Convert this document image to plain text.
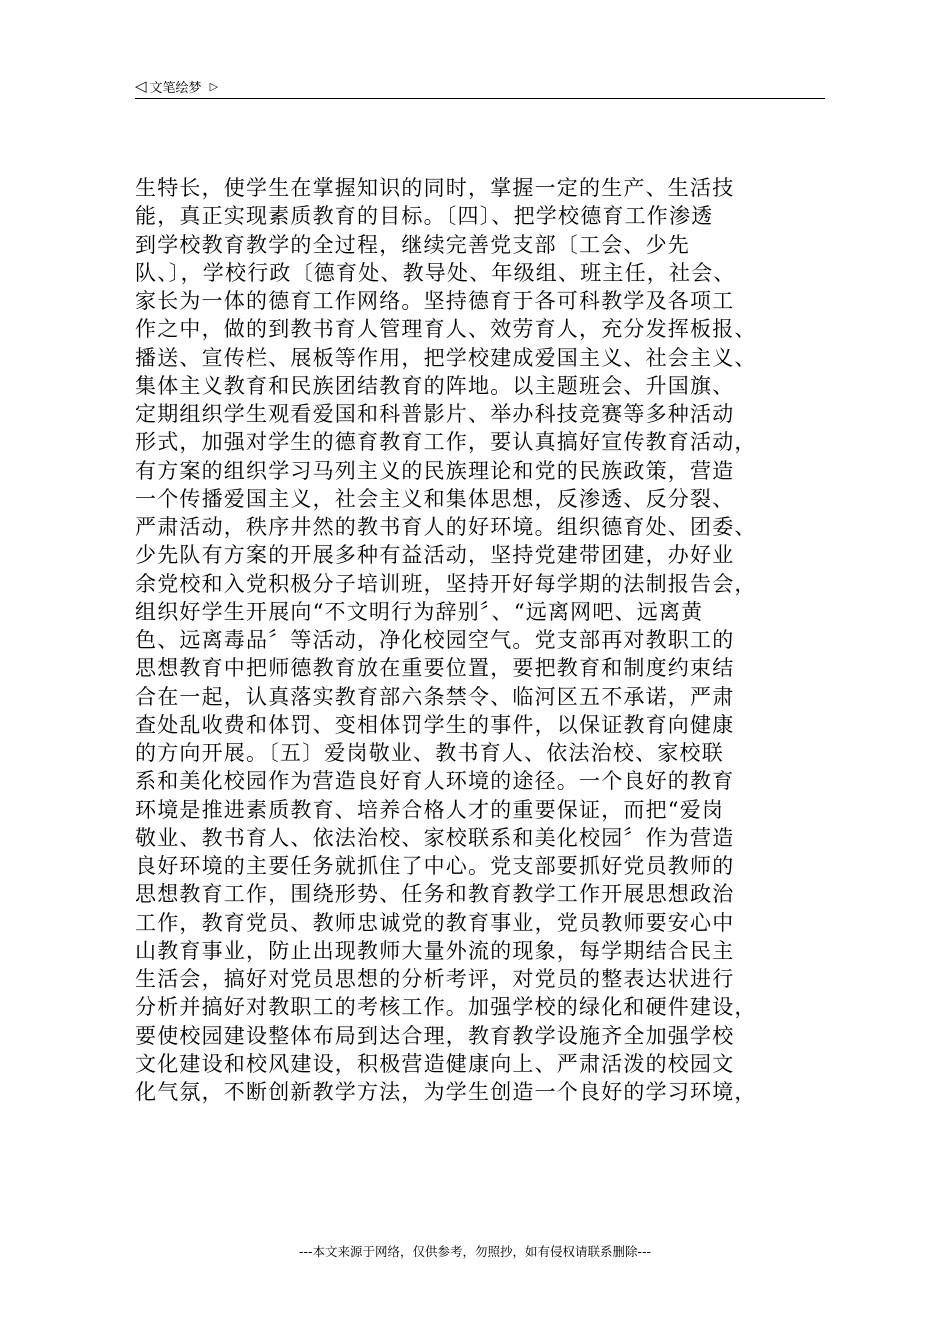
◁ 文笔绘梦 ▷
生特长，使学生在掌握知识的同时，掌握一定的生产、生活技
能，真正实现素质教育的目标。〔四〕、把学校德育工作渗透
到学校教育教学的全过程，继续完善党支部〔工会、少先
队、〕，学校行政〔德育处、教导处、年级组、班主任，社会、
家长为一体的德育工作网络。坚持德育于各可科教学及各项工
作之中，做的到教书育人管理育人、效劳育人，充分发挥板报、
播送、宣传栏、展板等作用，把学校建成爱国主义、社会主义、
集体主义教育和民族团结教育的阵地。以主题班会、升国旗、
定期组织学生观看爱国和科普影片、举办科技竞赛等多种活动
形式，加强对学生的德育教育工作，要认真搞好宣传教育活动，
有方案的组织学习马列主义的民族理论和党的民族政策，营造
一个传播爱国主义，社会主义和集体思想，反渗透、反分裂、
严肃活动，秩序井然的教书育人的好环境。组织德育处、团委、
少先队有方案的开展多种有益活动，坚持党建带团建，办好业
余党校和入党积极分子培训班，坚持开好每学期的法制报告会，
组织好学生开展向“不文明行为辞别〞、“远离网吧、远离黄
色、远离毒品〞等活动，净化校园空气。党支部再对教职工的
思想教育中把师德教育放在重要位置，要把教育和制度约束结
合在一起，认真落实教育部六条禁令、临河区五不承诺，严肃
查处乱收费和体罚、变相体罚学生的事件，以保证教育向健康
的方向开展。〔五〕爱岗敬业、教书育人、依法治校、家校联
系和美化校园作为营造良好育人环境的途径。一个良好的教育
环境是推进素质教育、培养合格人才的重要保证，而把“爱岗
敬业、教书育人、依法治校、家校联系和美化校园〞作为营造
良好环境的主要任务就抓住了中心。党支部要抓好党员教师的
思想教育工作，围绕形势、任务和教育教学工作开展思想政治
工作，教育党员、教师忠诚党的教育事业，党员教师要安心中
山教育事业，防止出现教师大量外流的现象，每学期结合民主
生活会，搞好对党员思想的分析考评，对党员的整表达状进行
分析并搞好对教职工的考核工作。加强学校的绿化和硬件建设，
要使校园建设整体布局到达合理，教育教学设施齐全加强学校
文化建设和校风建设，积极营造健康向上、严肃活泼的校园文
化气氛，不断创新教学方法，为学生创造一个良好的学习环境，
---本文来源于网络，仅供参考，勿照抄，如有侵权请联系删除---
